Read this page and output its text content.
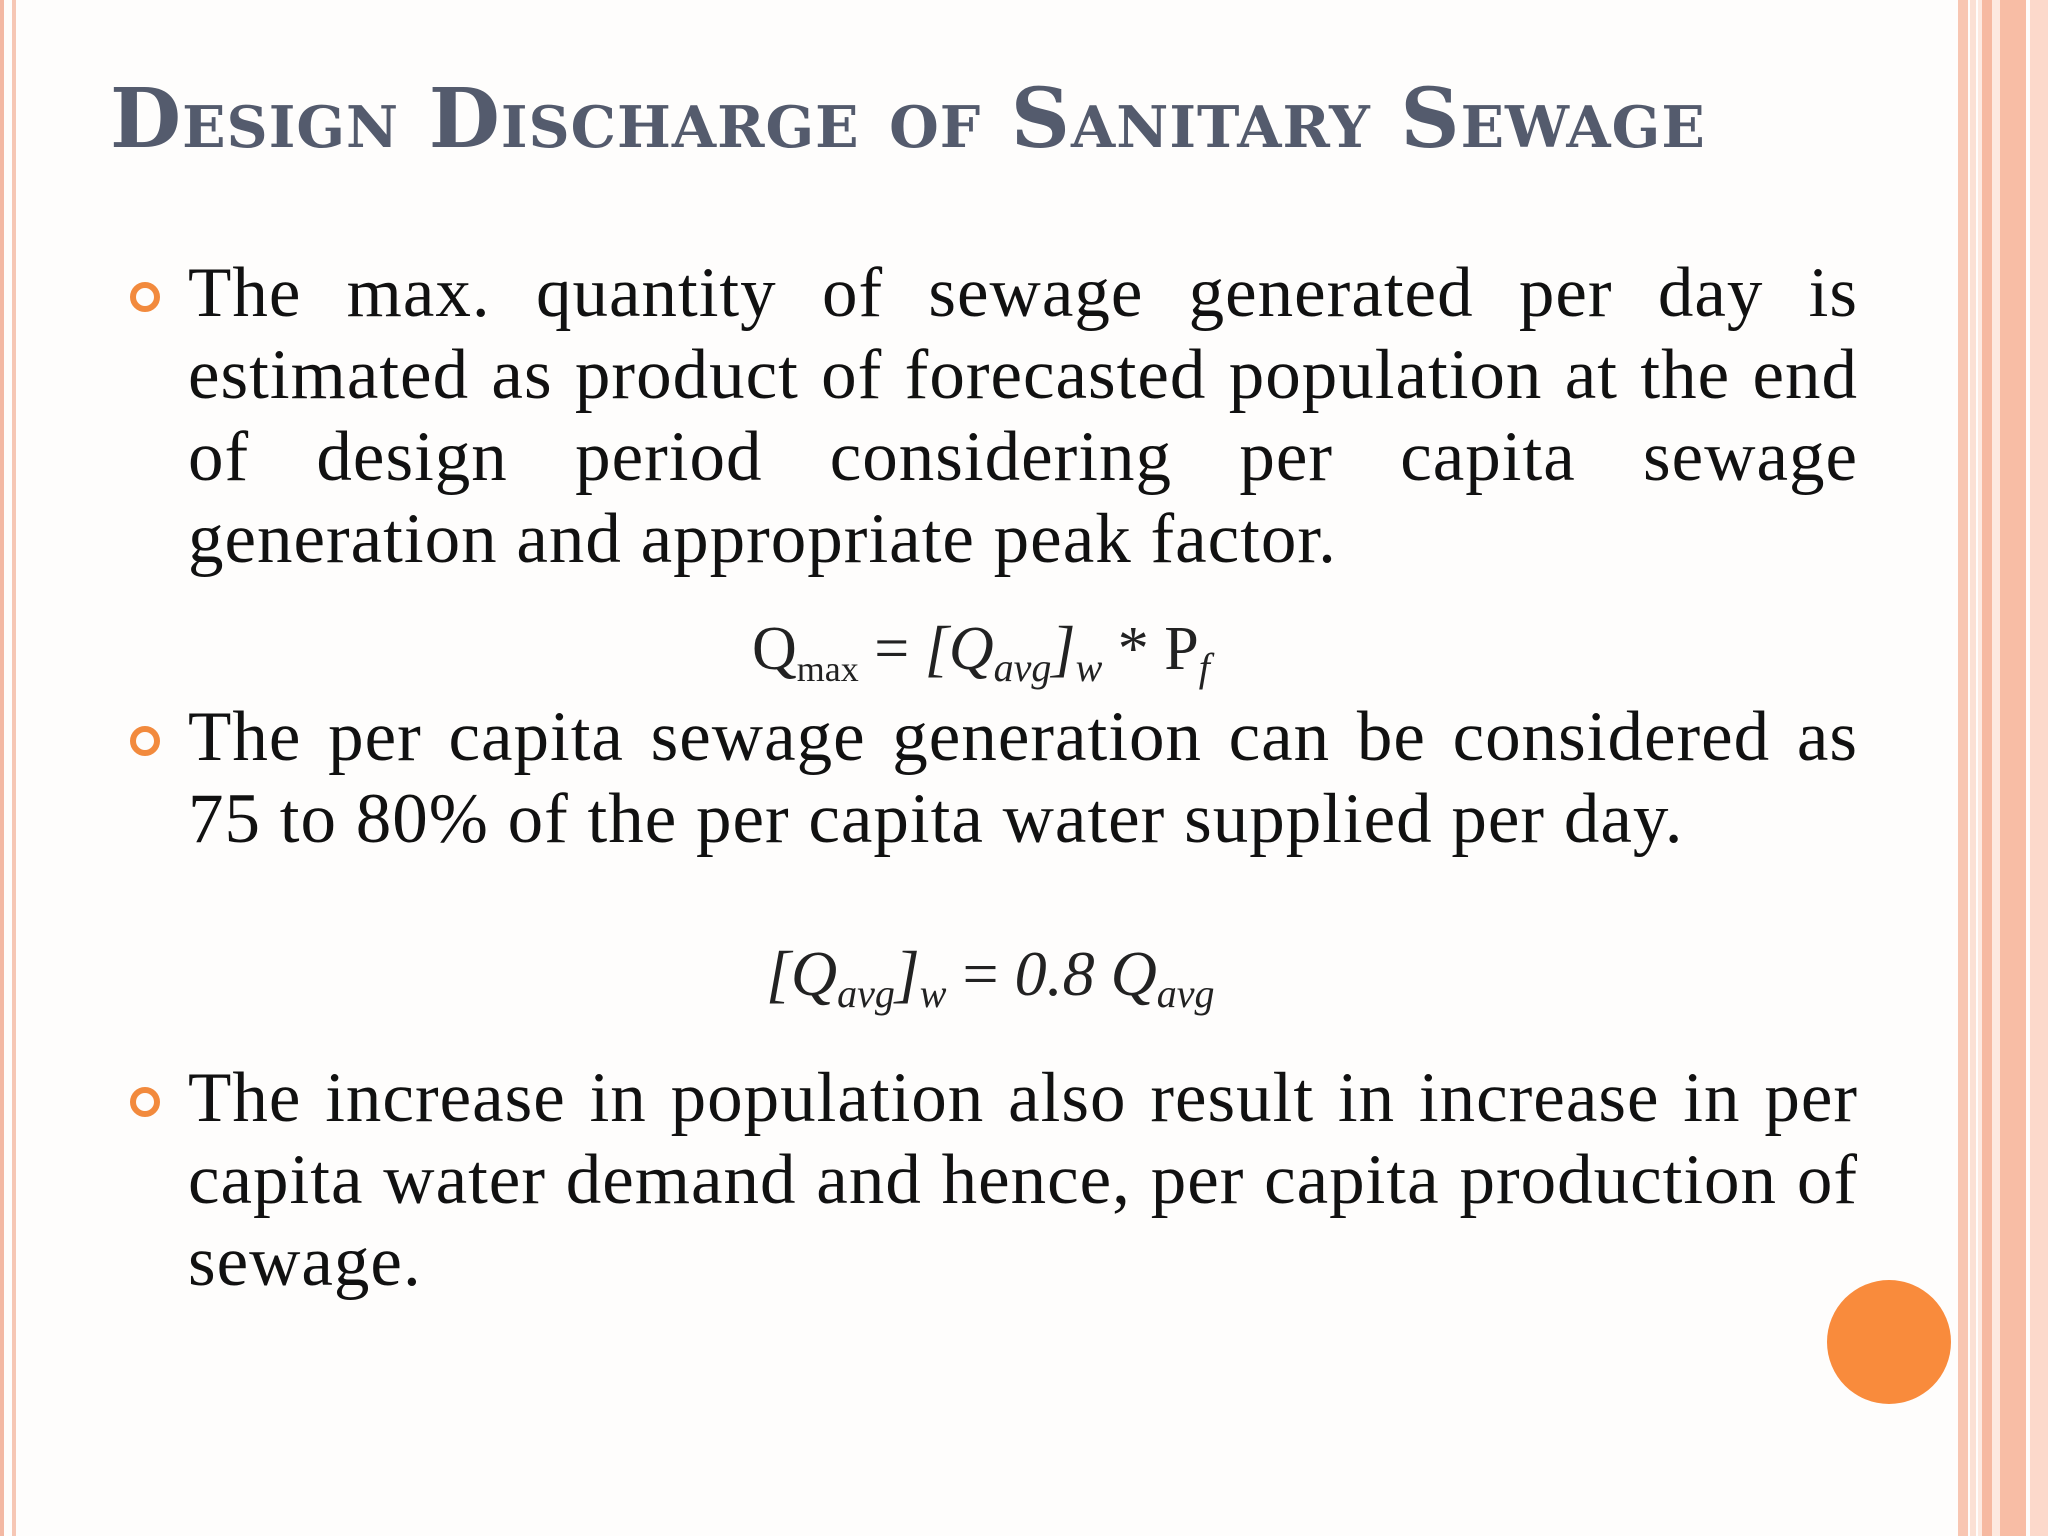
Design Discharge of Sanitary Sewage

The max. quantity of sewage generated per day is estimated as product of forecasted population at the end of design period considering per capita sewage generation and appropriate peak factor.

Qmax = [Qavg]w * Pf

The per capita sewage generation can be considered as 75 to 80% of the per capita water supplied per day.

[Qavg]w = 0.8 Qavg

The increase in population also result in increase in per capita water demand and hence, per capita production of sewage.
